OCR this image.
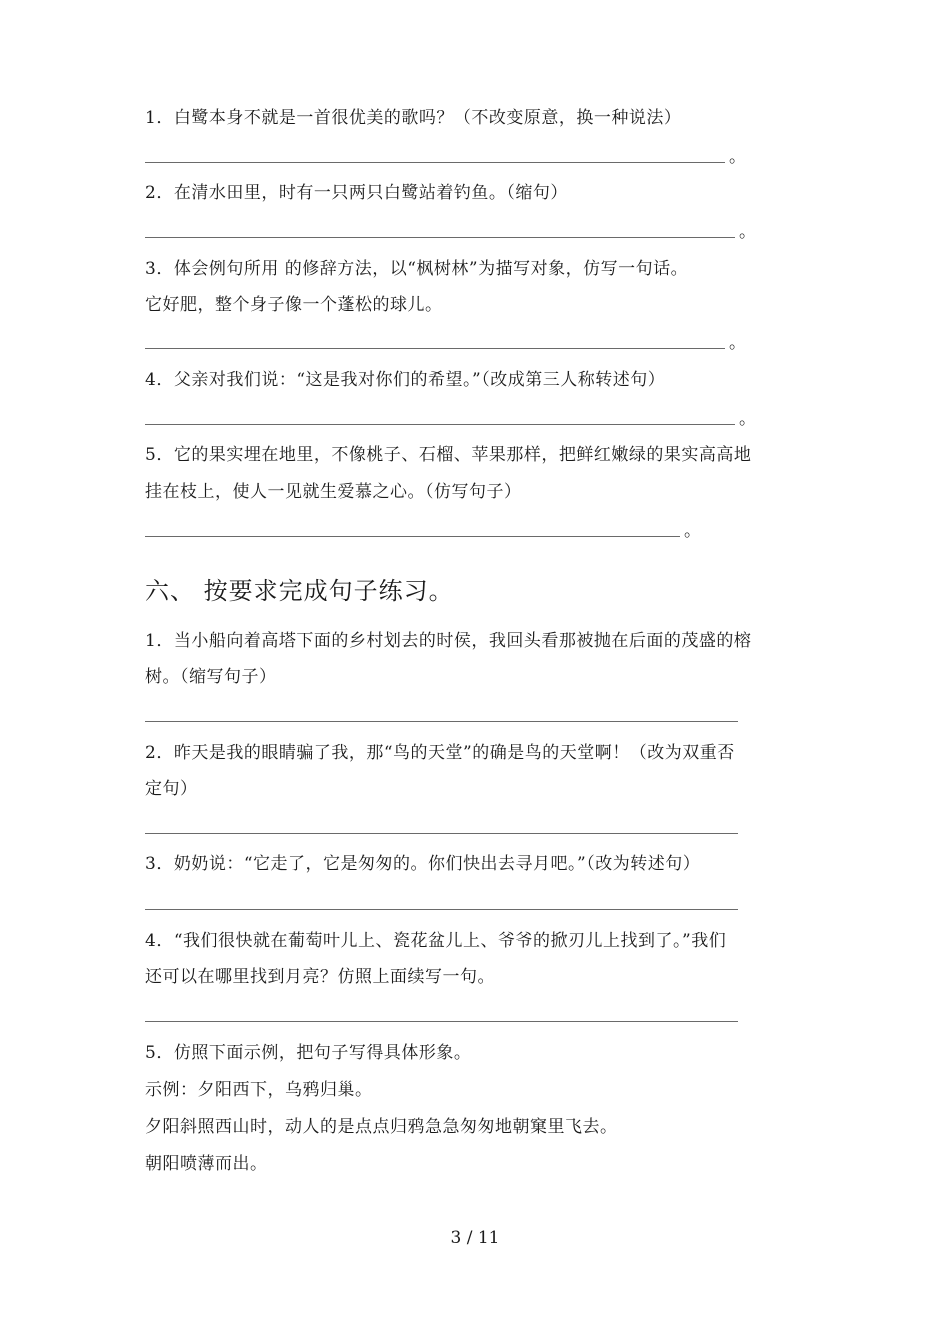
1．白鹭本身不就是一首很优美的歌吗？（不改变原意，换一种说法）
。
2．在清水田里，时有一只两只白鹭站着钓鱼。（缩句）
。
3．体会例句所用 的修辞方法，以“枫树林”为描写对象，仿写一句话。
它好肥，整个身子像一个蓬松的球儿。
。
4．父亲对我们说：“这是我对你们的希望。”（改成第三人称转述句）
。
5．它的果实埋在地里，不像桃子、石榴、苹果那样，把鲜红嫩绿的果实高高地
挂在枝上，使人一见就生爱慕之心。（仿写句子）
。
六、 按要求完成句子练习。
1．当小船向着高塔下面的乡村划去的时侯，我回头看那被抛在后面的茂盛的榕
树。（缩写句子）
2．昨天是我的眼睛骗了我，那“鸟的天堂”的确是鸟的天堂啊！（改为双重否
定句）
3．奶奶说：“它走了，它是匆匆的。你们快出去寻月吧。”（改为转述句）
4．“我们很快就在葡萄叶儿上、瓷花盆儿上、爷爷的掀刃儿上找到了。”我们
还可以在哪里找到月亮？仿照上面续写一句。
5．仿照下面示例，把句子写得具体形象。
示例：夕阳西下，乌鸦归巢。
夕阳斜照西山时，动人的是点点归鸦急急匆匆地朝窠里飞去。
朝阳喷薄而出。
3 / 11
